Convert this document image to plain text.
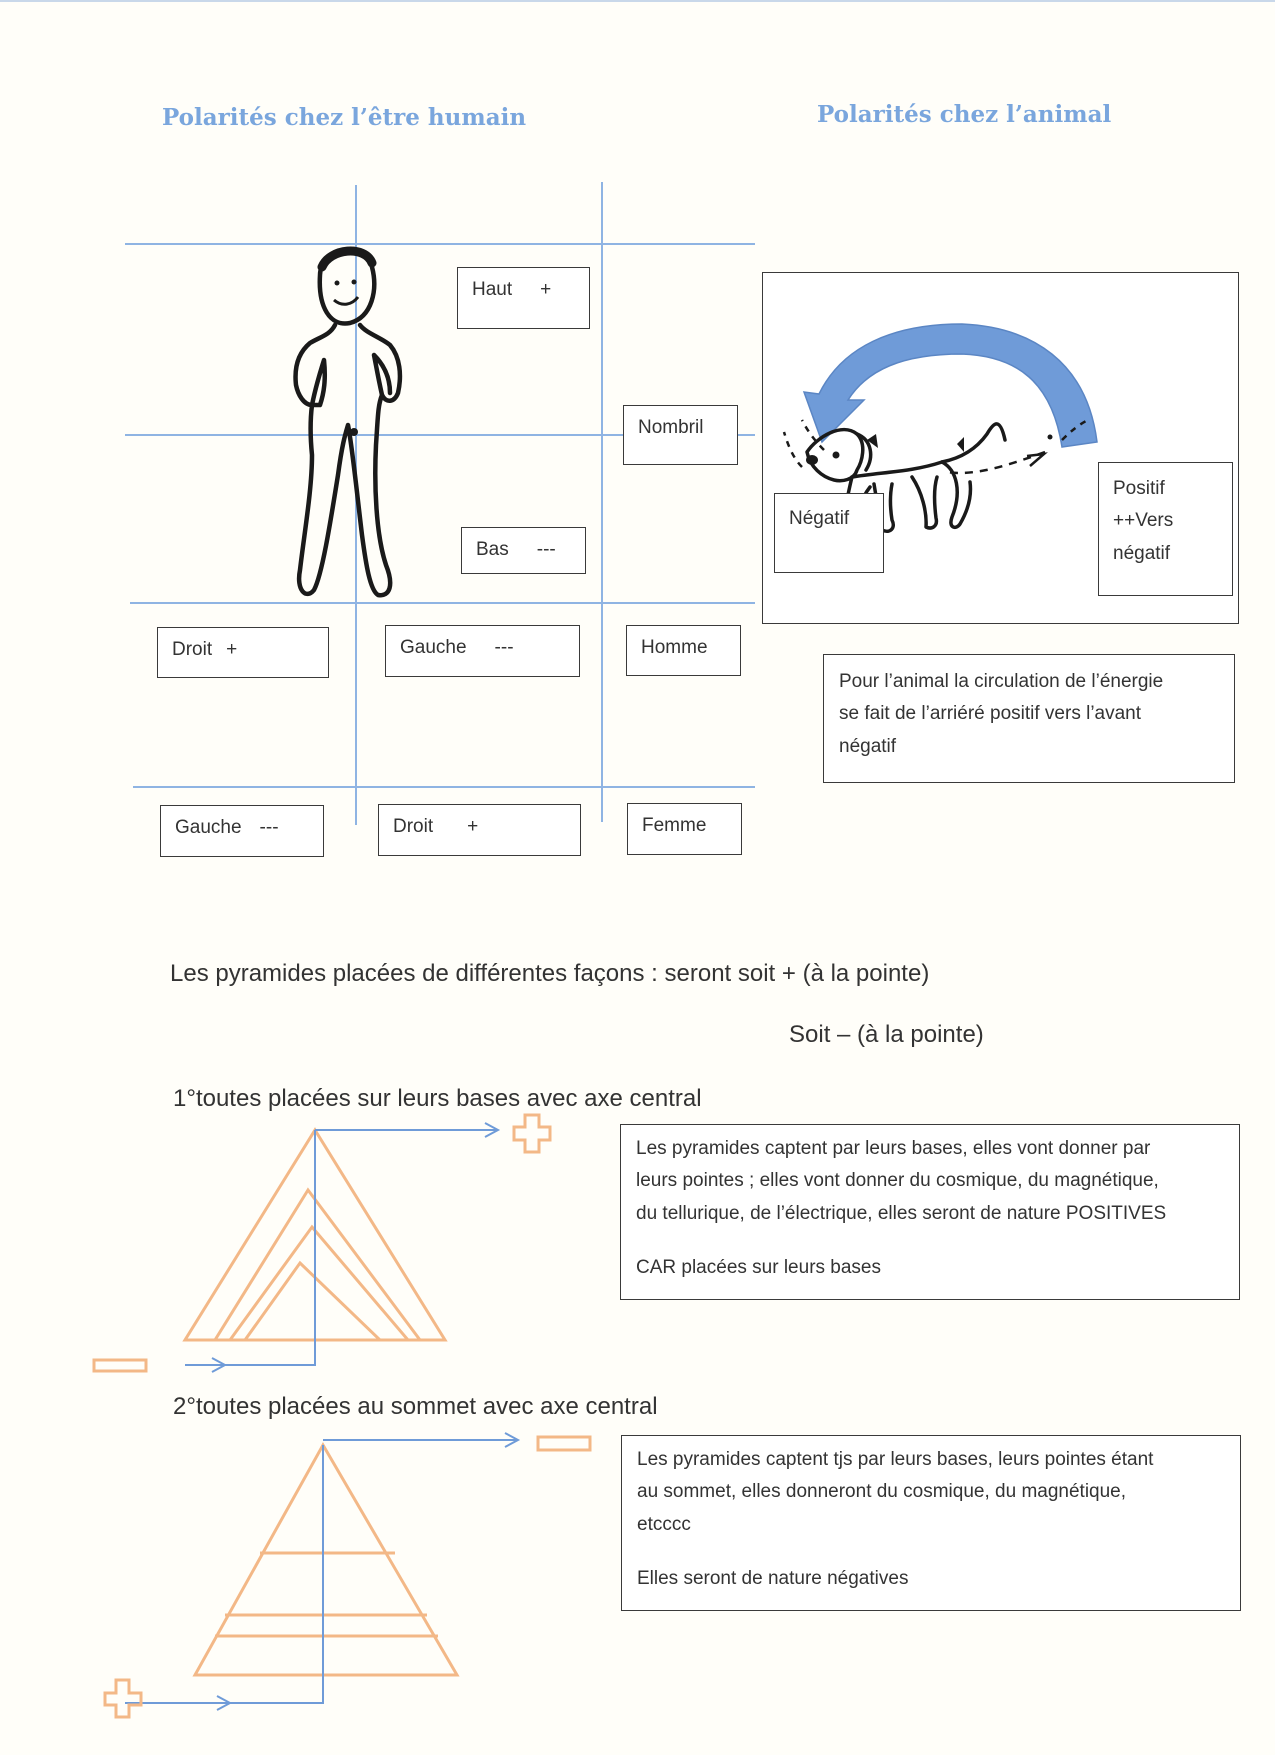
Polarités chez l’être humain	Polarités chez l’animal
Haut +
Nombril
Bas ---
Droit +	Gauche ---	Homme
Gauche ---	Droit +	Femme
Négatif
Positif
++Vers
négatif

Pour l’animal la circulation de l’énergie

se fait de l’arriéré positif vers l’avant

négatif

Les pyramides placées de différentes façons : seront soit + (à la pointe)

Soit – (à la pointe)

1°toutes placées sur leurs bases avec axe central

Les pyramides captent par leurs bases, elles vont donner par

leurs pointes ; elles vont donner du cosmique, du magnétique,

du tellurique, de l’électrique, elles seront de nature POSITIVES

CAR placées sur leurs bases

2°toutes placées au sommet avec axe central

Les pyramides captent tjs par leurs bases, leurs pointes étant

au sommet, elles donneront du cosmique, du magnétique,

etcccc

Elles seront de nature négatives
